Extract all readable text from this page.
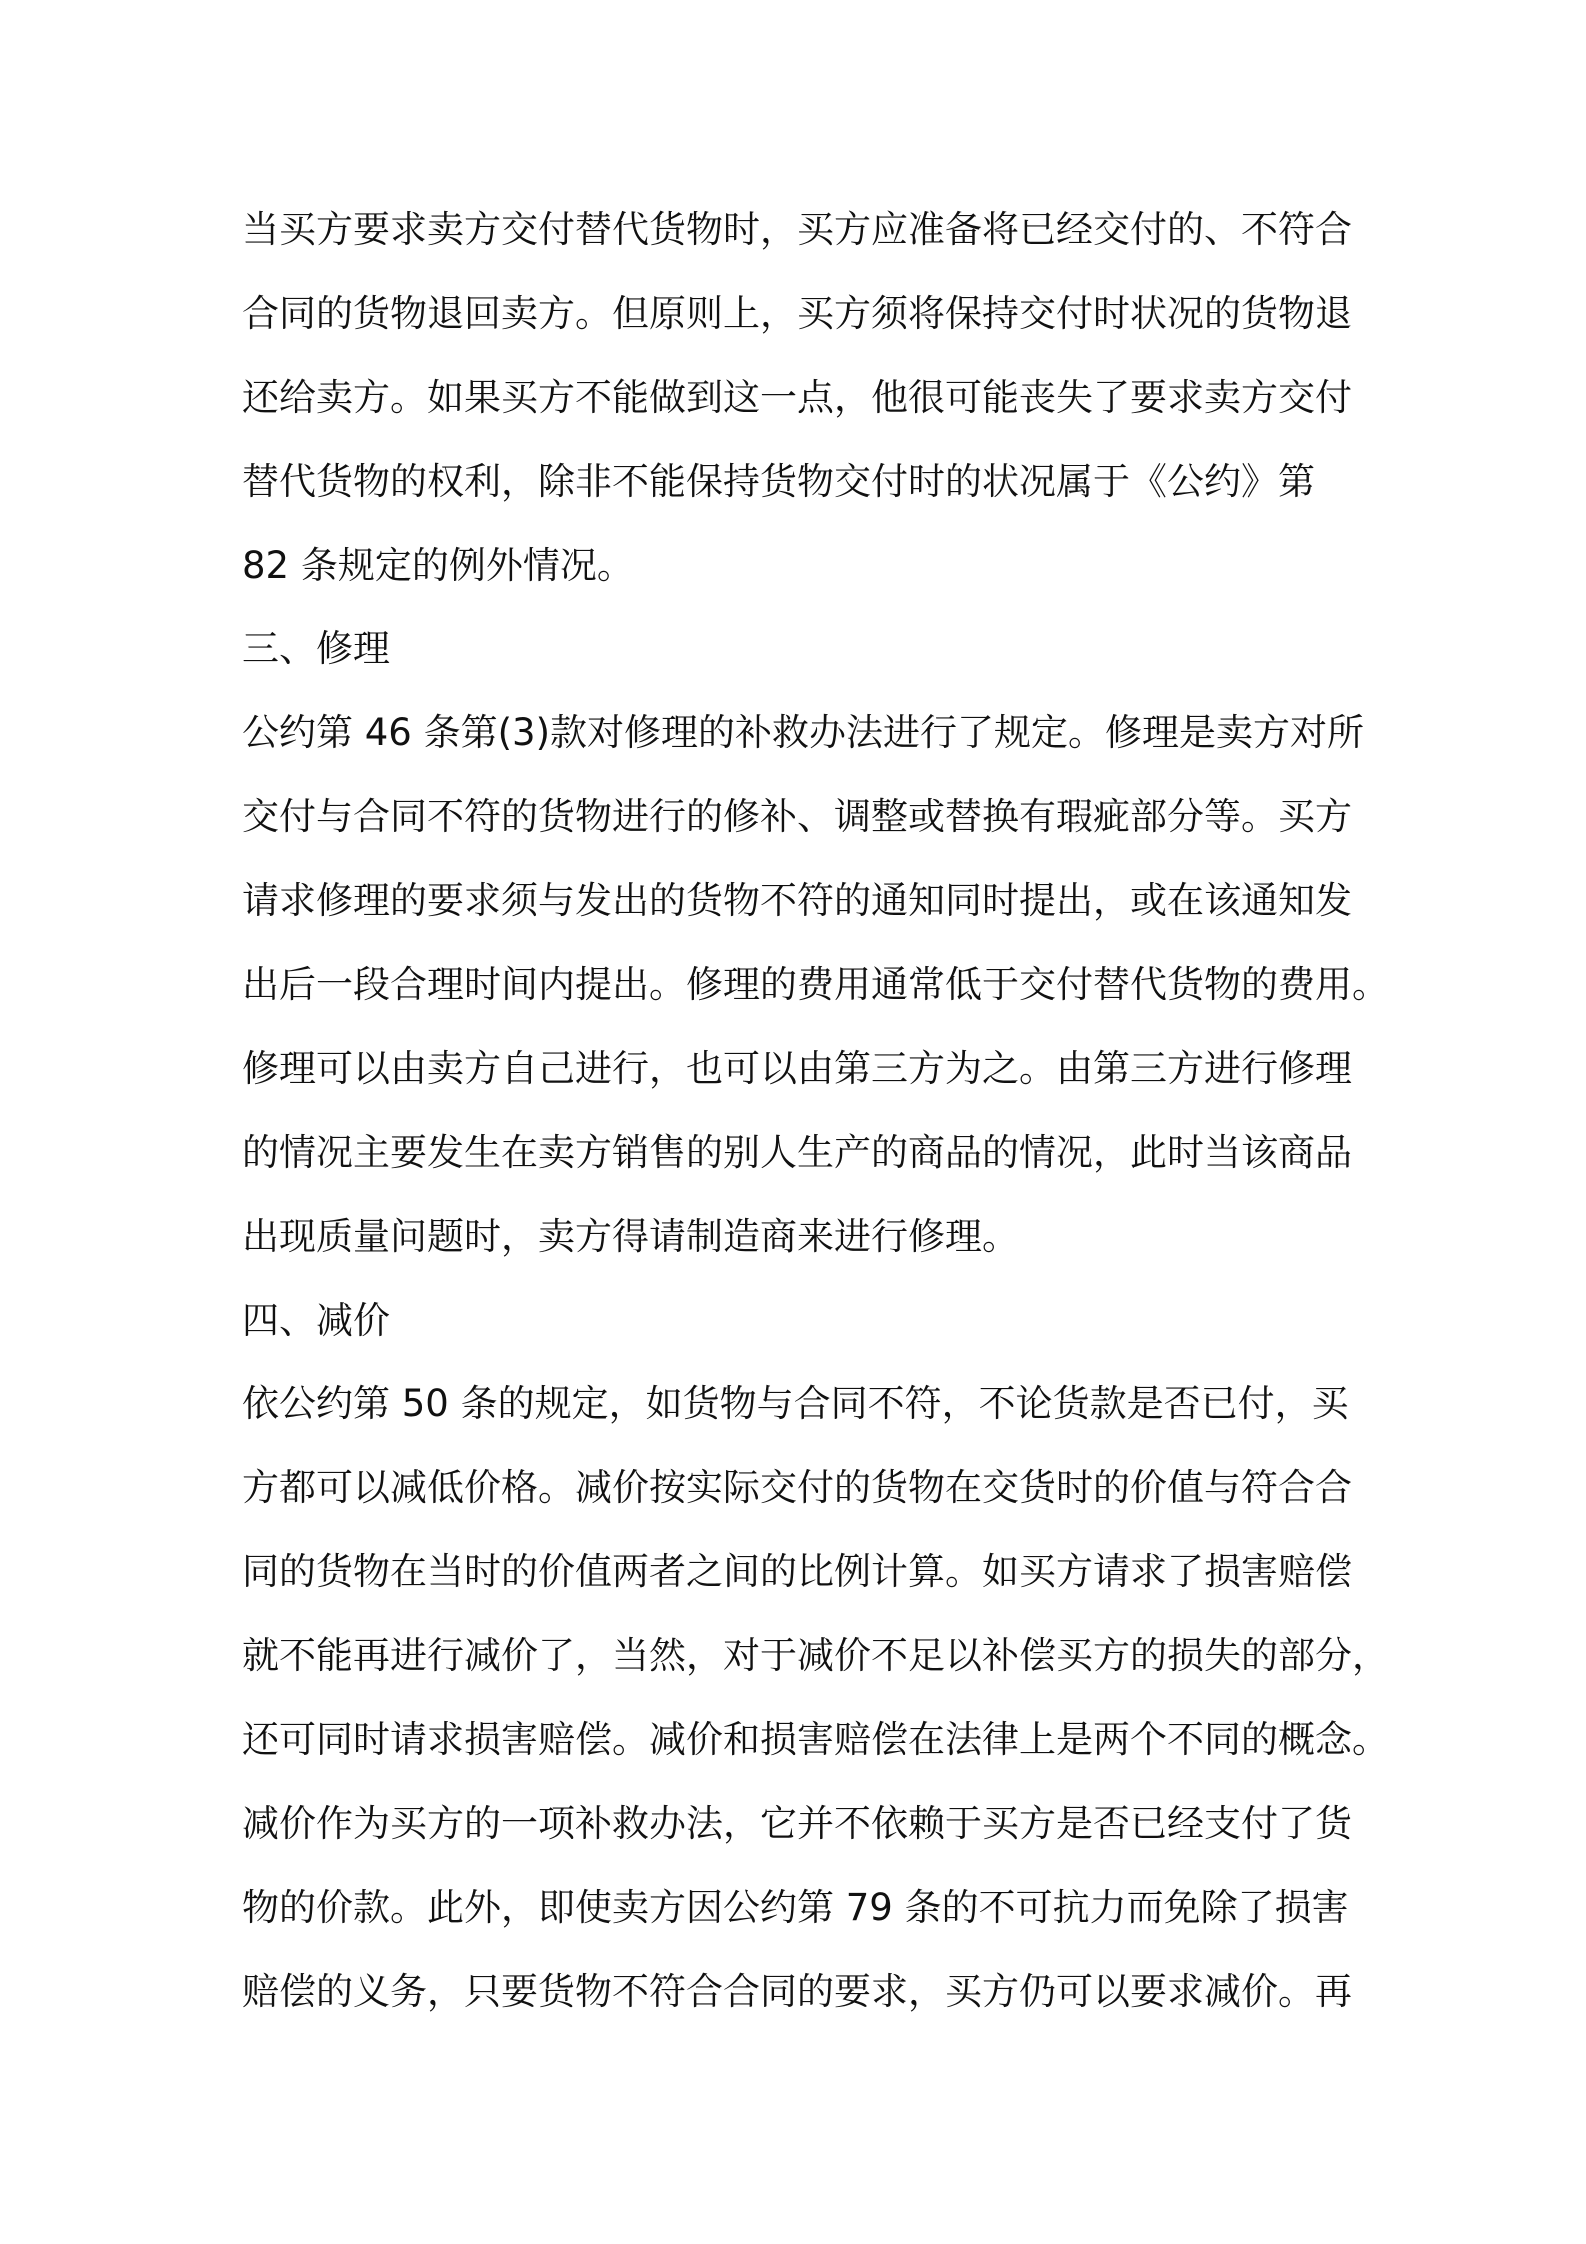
当买方要求卖方交付替代货物时，买方应准备将已经交付的、不符合
合同的货物退回卖方。但原则上，买方须将保持交付时状况的货物退
还给卖方。如果买方不能做到这一点，他很可能丧失了要求卖方交付
替代货物的权利，除非不能保持货物交付时的状况属于《公约》第
82 条规定的例外情况。
三、修理
公约第 46 条第(3)款对修理的补救办法进行了规定。修理是卖方对所
交付与合同不符的货物进行的修补、调整或替换有瑕疵部分等。买方
请求修理的要求须与发出的货物不符的通知同时提出，或在该通知发
出后一段合理时间内提出。修理的费用通常低于交付替代货物的费用。
修理可以由卖方自己进行，也可以由第三方为之。由第三方进行修理
的情况主要发生在卖方销售的别人生产的商品的情况，此时当该商品
出现质量问题时，卖方得请制造商来进行修理。
四、减价
依公约第 50 条的规定，如货物与合同不符，不论货款是否已付，买
方都可以减低价格。减价按实际交付的货物在交货时的价值与符合合
同的货物在当时的价值两者之间的比例计算。如买方请求了损害赔偿
就不能再进行减价了，当然，对于减价不足以补偿买方的损失的部分，
还可同时请求损害赔偿。减价和损害赔偿在法律上是两个不同的概念。
减价作为买方的一项补救办法，它并不依赖于买方是否已经支付了货
物的价款。此外，即使卖方因公约第 79 条的不可抗力而免除了损害
赔偿的义务，只要货物不符合合同的要求，买方仍可以要求减价。再
